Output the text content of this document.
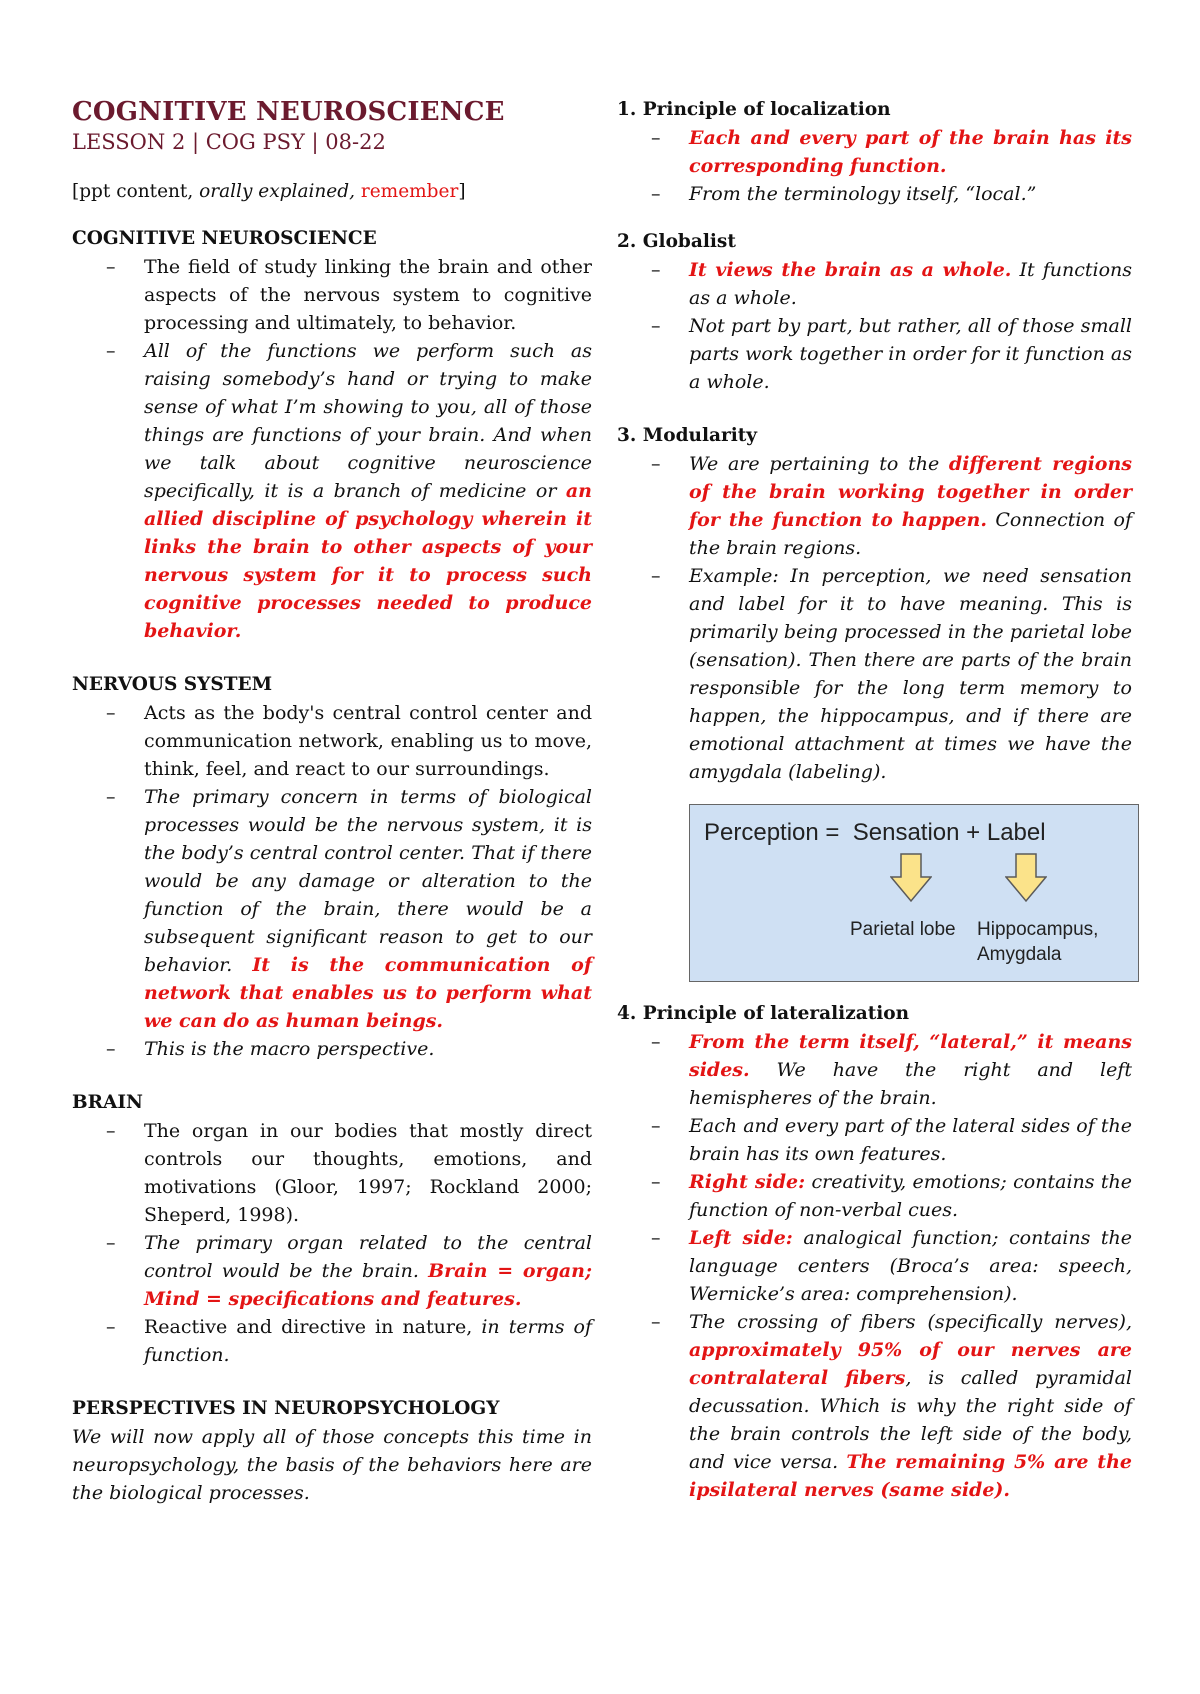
COGNITIVE NEUROSCIENCE
LESSON 2 | COG PSY | 08-22
[ppt content, orally explained, remember]
COGNITIVE NEUROSCIENCE
– The field of study linking the brain and other aspects of the nervous system to cognitive processing and ultimately, to behavior.
– All of the functions we perform such as raising somebody’s hand or trying to make sense of what I’m showing to you, all of those things are functions of your brain. And when we talk about cognitive neuroscience specifically, it is a branch of medicine or an allied discipline of psychology wherein it links the brain to other aspects of your nervous system for it to process such cognitive processes needed to produce behavior.
NERVOUS SYSTEM
– Acts as the body's central control center and communication network, enabling us to move, think, feel, and react to our surroundings.
– The primary concern in terms of biological processes would be the nervous system, it is the body’s central control center. That if there would be any damage or alteration to the function of the brain, there would be a subsequent significant reason to get to our behavior. It is the communication of network that enables us to perform what we can do as human beings.
– This is the macro perspective.
BRAIN
– The organ in our bodies that mostly direct controls our thoughts, emotions, and motivations (Gloor, 1997; Rockland 2000; Sheperd, 1998).
– The primary organ related to the central control would be the brain. Brain = organ; Mind = specifications and features.
– Reactive and directive in nature, in terms of function.
PERSPECTIVES IN NEUROPSYCHOLOGY
We will now apply all of those concepts this time in neuropsychology, the basis of the behaviors here are the biological processes.
1. Principle of localization
– Each and every part of the brain has its corresponding function.
– From the terminology itself, “local.”
2. Globalist
– It views the brain as a whole. It functions as a whole.
– Not part by part, but rather, all of those small parts work together in order for it function as a whole.
3. Modularity
– We are pertaining to the different regions of the brain working together in order for the function to happen. Connection of the brain regions.
– Example: In perception, we need sensation and label for it to have meaning. This is primarily being processed in the parietal lobe (sensation). Then there are parts of the brain responsible for the long term memory to happen, the hippocampus, and if there are emotional attachment at times we have the amygdala (labeling).
Perception =  Sensation + Label
Parietal lobe Hippocampus,
Amygdala
4. Principle of lateralization
– From the term itself, “lateral,” it means sides. We have the right and left hemispheres of the brain.
– Each and every part of the lateral sides of the brain has its own features.
– Right side: creativity, emotions; contains the function of non-verbal cues.
– Left side: analogical function; contains the language centers (Broca’s area: speech, Wernicke’s area: comprehension).
– The crossing of fibers (specifically nerves), approximately 95% of our nerves are contralateral fibers, is called pyramidal decussation. Which is why the right side of the brain controls the left side of the body, and vice versa. The remaining 5% are the ipsilateral nerves (same side).
